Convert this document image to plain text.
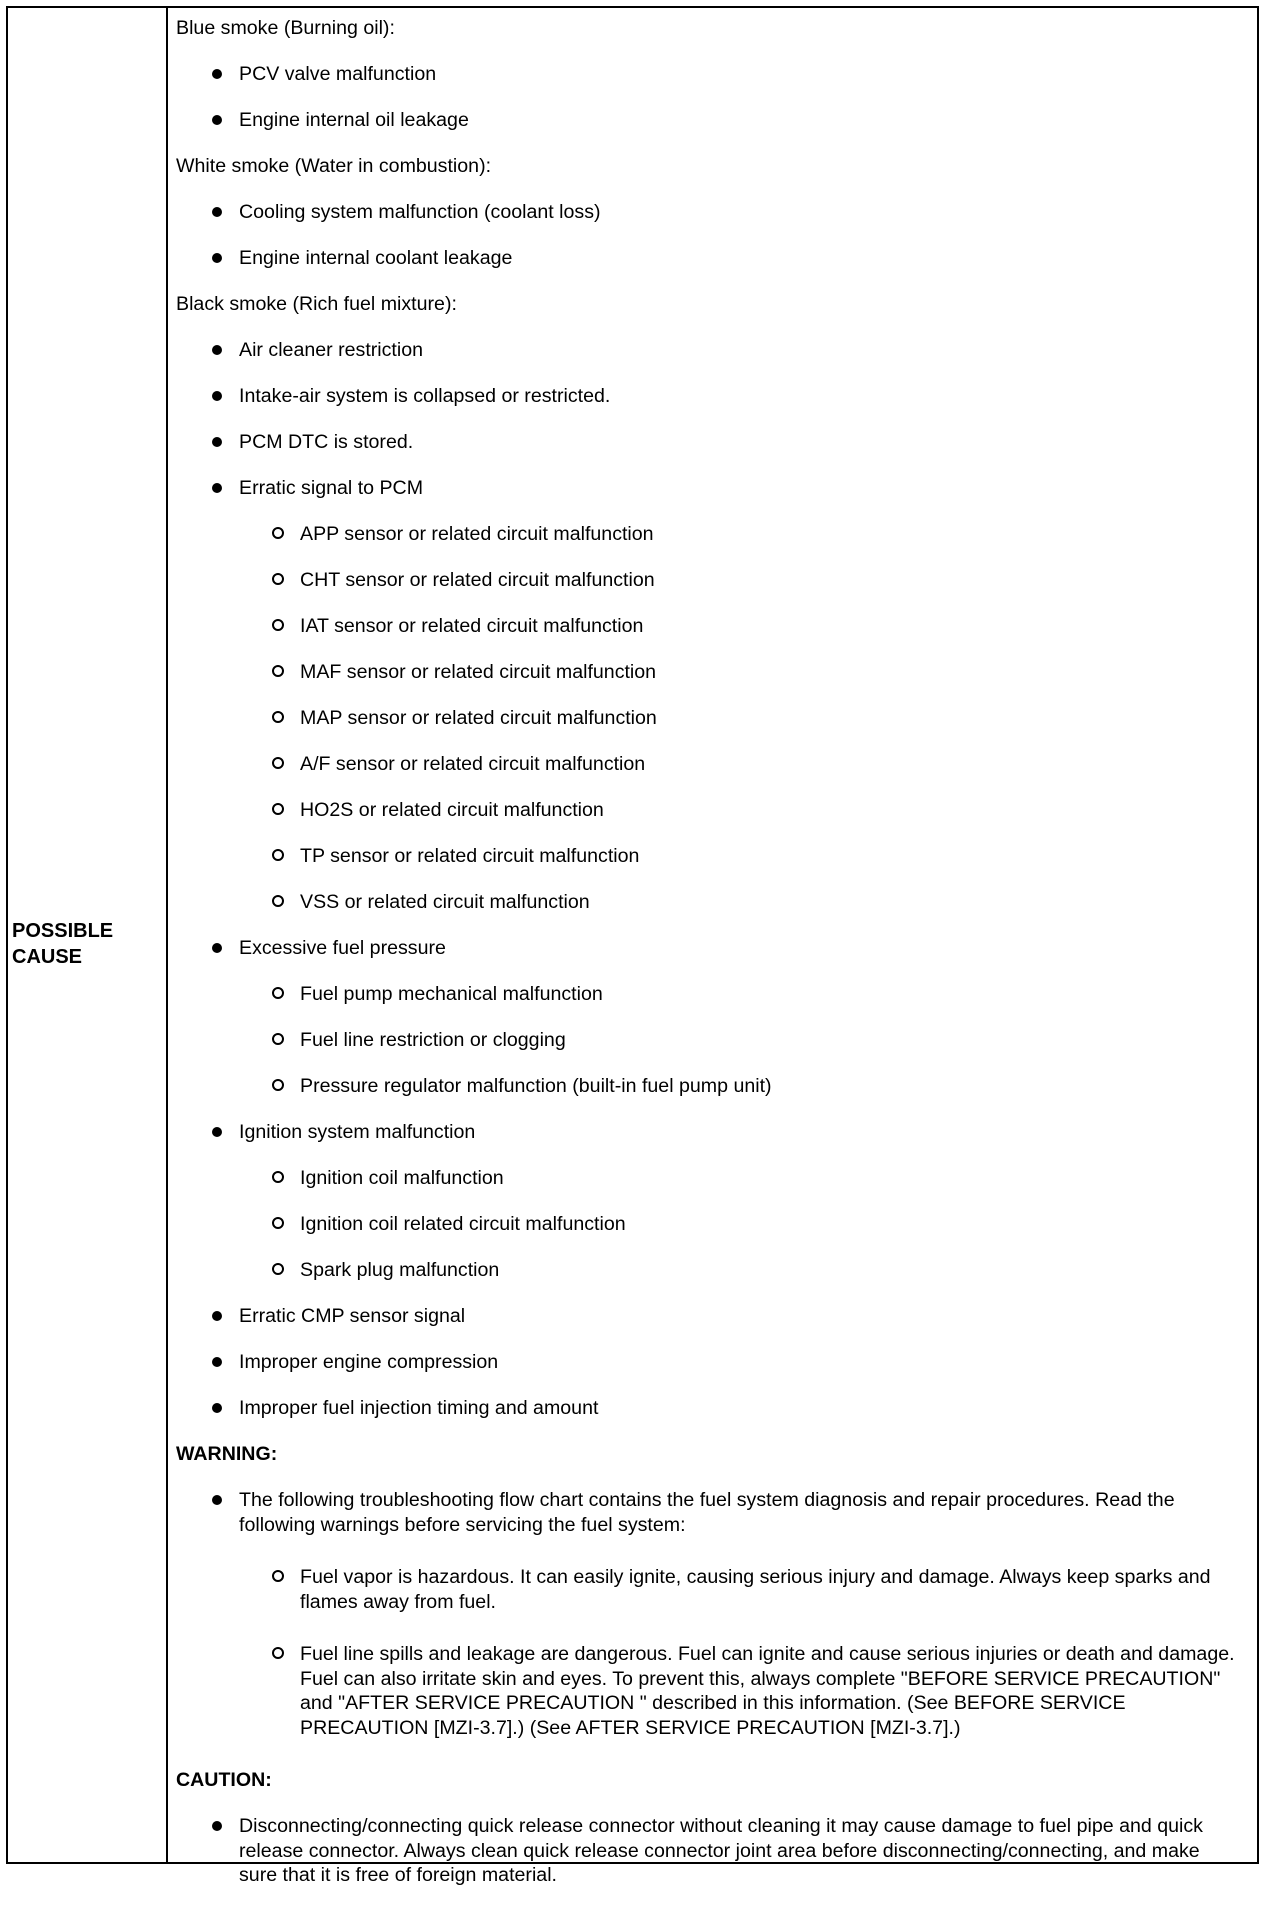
POSSIBLE
CAUSE
Blue smoke (Burning oil):
PCV valve malfunction
Engine internal oil leakage
White smoke (Water in combustion):
Cooling system malfunction (coolant loss)
Engine internal coolant leakage
Black smoke (Rich fuel mixture):
Air cleaner restriction
Intake-air system is collapsed or restricted.
PCM DTC is stored.
Erratic signal to PCM
APP sensor or related circuit malfunction
CHT sensor or related circuit malfunction
IAT sensor or related circuit malfunction
MAF sensor or related circuit malfunction
MAP sensor or related circuit malfunction
A/F sensor or related circuit malfunction
HO2S or related circuit malfunction
TP sensor or related circuit malfunction
VSS or related circuit malfunction
Excessive fuel pressure
Fuel pump mechanical malfunction
Fuel line restriction or clogging
Pressure regulator malfunction (built-in fuel pump unit)
Ignition system malfunction
Ignition coil malfunction
Ignition coil related circuit malfunction
Spark plug malfunction
Erratic CMP sensor signal
Improper engine compression
Improper fuel injection timing and amount
WARNING:
The following troubleshooting flow chart contains the fuel system diagnosis and repair procedures. Read the following warnings before servicing the fuel system:
Fuel vapor is hazardous. It can easily ignite, causing serious injury and damage. Always keep sparks and flames away from fuel.
Fuel line spills and leakage are dangerous. Fuel can ignite and cause serious injuries or death and damage. Fuel can also irritate skin and eyes. To prevent this, always complete "BEFORE SERVICE PRECAUTION" and "AFTER SERVICE PRECAUTION " described in this information. (See BEFORE SERVICE PRECAUTION [MZI-3.7].) (See AFTER SERVICE PRECAUTION [MZI-3.7].)
CAUTION:
Disconnecting/connecting quick release connector without cleaning it may cause damage to fuel pipe and quick release connector. Always clean quick release connector joint area before disconnecting/connecting, and make sure that it is free of foreign material.
